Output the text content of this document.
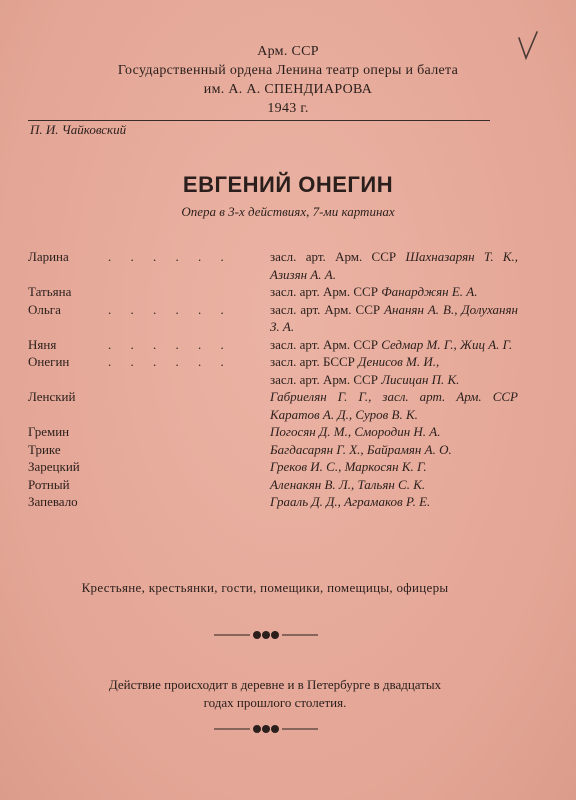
Арм. ССР
Государственный ордена Ленина театр оперы и балета
им. А. А. СПЕНДИАРОВА
1943 г.
П. И. Чайковский
ЕВГЕНИЙ ОНЕГИН
Опера в 3-х действиях, 7-ми картинах
Ларина	. . . . . .	засл. арт. Арм. ССР Шахназарян Т. К., Азизян А. А.
Татьяна	засл. арт. Арм. ССР Фанарджян Е. А.
Ольга	. . . . . .	засл. арт. Арм. ССР Ананян А. В., Долуханян З. А.
Няня	. . . . . .	засл. арт. Арм. ССР Седмар М. Г., Жиц А. Г.
Онегин	. . . . . .	засл. арт. БССР Денисов М. И.,
засл. арт. Арм. ССР Лисицан П. К.
Ленский	Габриелян Г. Г., засл. арт. Арм. ССР Каратов А. Д., Суров В. К.
Гремин	Погосян Д. М., Смородин Н. А.
Трике	Багдасарян Г. Х., Байрамян А. О.
Зарецкий	Греков И. С., Маркосян К. Г.
Ротный	Аленакян В. Л., Тальян С. К.
Запевало	Грааль Д. Д., Аграмаков Р. Е.
Крестьяне, крестьянки, гости, помещики, помещицы, офицеры
Действие происходит в деревне и в Петербурге в двадцатых
годах прошлого столетия.
